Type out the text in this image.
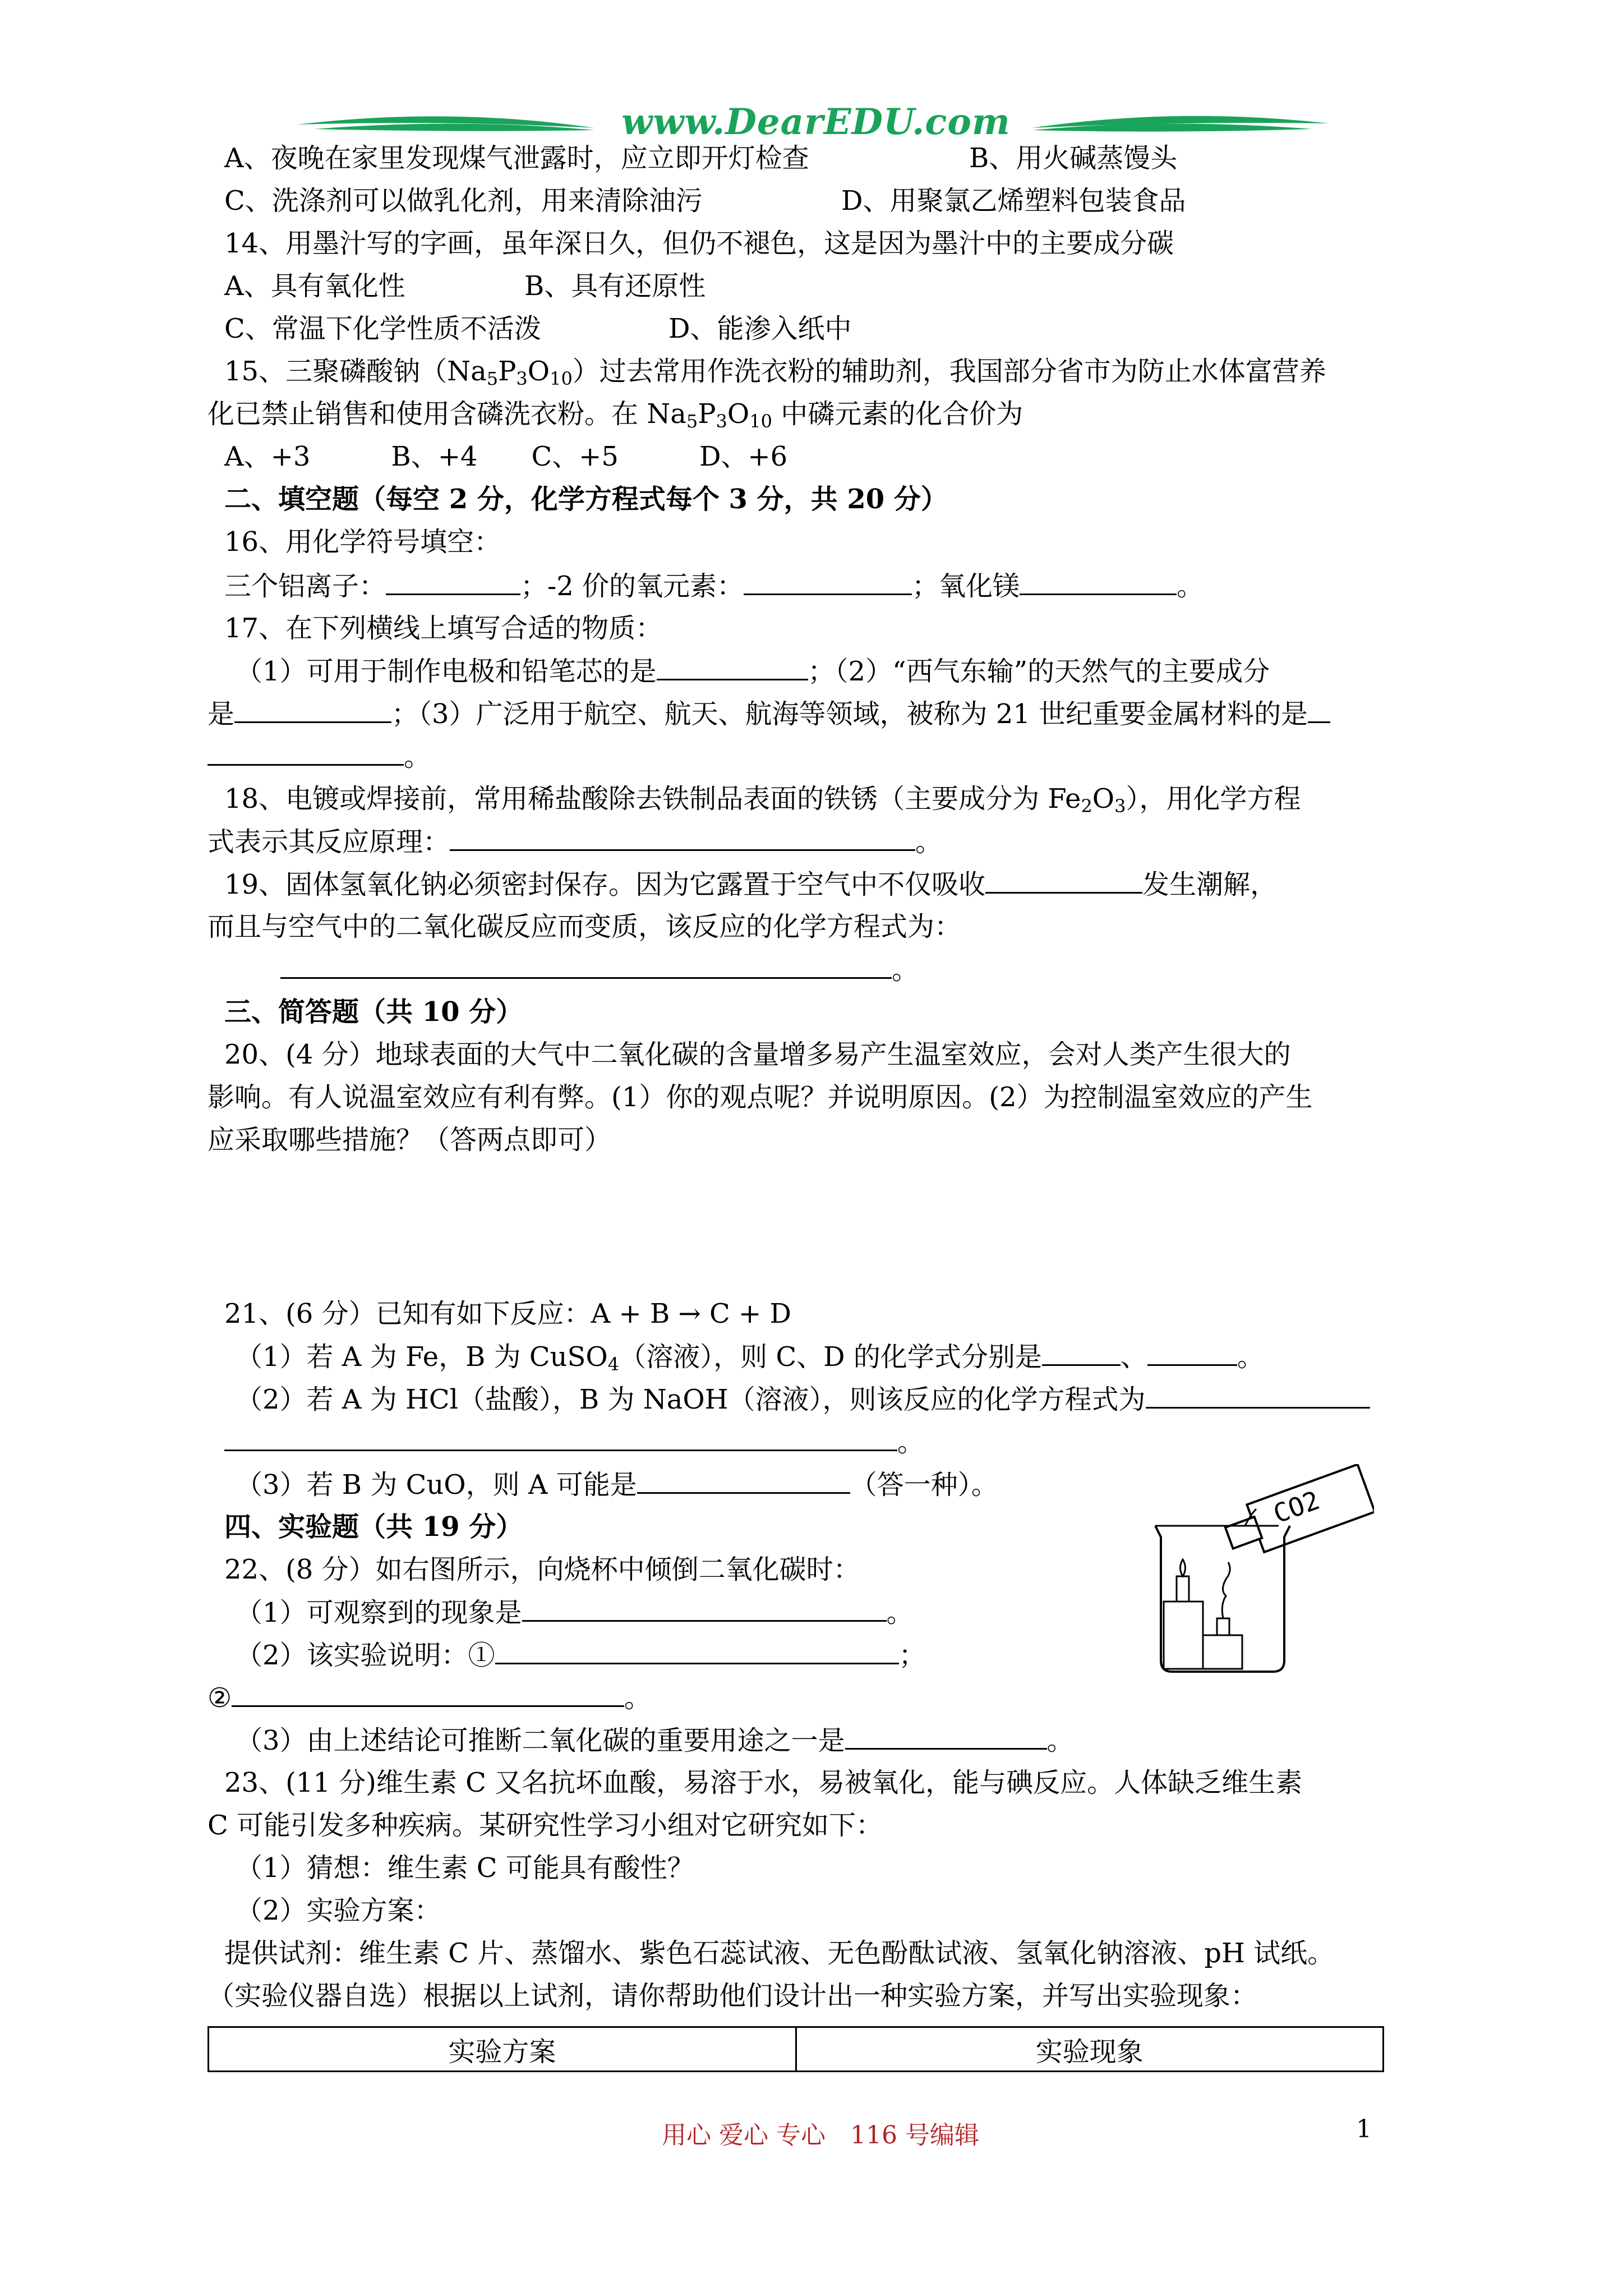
www.DearEDU.com
A、夜晚在家里发现煤气泄露时，应立即开灯检查	B、用火碱蒸馒头
C、洗涤剂可以做乳化剂，用来清除油污	D、用聚氯乙烯塑料包装食品
14、用墨汁写的字画，虽年深日久，但仍不褪色，这是因为墨汁中的主要成分碳
A、具有氧化性	B、具有还原性
C、常温下化学性质不活泼	D、能渗入纸中
15、三聚磷酸钠$(Na_5P_3O_{10})$过去常用作洗衣粉的辅助剂，我国部分省市为防止水体富营养
化已禁止销售和使用含磷洗衣粉。在 $Na_5P_3O_{10}$ 中磷元素的化合价为
A、+3　　　B、+4　　C、+5　　　D、+6
二、填空题（每空 2 分，化学方程式每个 3 分，共 20 分）
16、用化学符号填空：
三个铝离子：	；-2 价的氧元素：	；氧化镁	。
17、在下列横线上填写合适的物质：
（1）可用于制作电极和铅笔芯的是	；（2）“西气东输”的天然气的主要成分
是	；（3）广泛用于航空、航天、航海等领域，被称为 21 世纪重要金属材料的是
。
18、电镀或焊接前，常用稀盐酸除去铁制品表面的铁锈（主要成分为 $Fe_2O_3$），用化学方程
式表示其反应原理：	。
19、固体氢氧化钠必须密封保存。因为它露置于空气中不仅吸收	发生潮解，
而且与空气中的二氧化碳反应而变质，该反应的化学方程式为：
。
三、简答题（共 10 分）
20、(4 分）地球表面的大气中二氧化碳的含量增多易产生温室效应，会对人类产生很大的
影响。有人说温室效应有利有弊。(1）你的观点呢？并说明原因。(2）为控制温室效应的产生
应采取哪些措施？（答两点即可）
21、(6 分）已知有如下反应：A + B → C + D
（1）若 A 为 Fe，B 为 CuSO$_4$（溶液），则 C、D 的化学式分别是	、	。
（2）若 A 为 HCl（盐酸），B 为 NaOH（溶液），则该反应的化学方程式为
。
（3）若 B 为 CuO，则 A 可能是	（答一种）。
四、实验题（共 19 分）
22、(8 分）如右图所示，向烧杯中倾倒二氧化碳时：
（1）可观察到的现象是	。
（2）该实验说明：①	；
②	。
（3）由上述结论可推断二氧化碳的重要用途之一是	。
CO2
23、(11 分)维生素 C 又名抗坏血酸，易溶于水，易被氧化，能与碘反应。人体缺乏维生素
C 可能引发多种疾病。某研究性学习小组对它研究如下：
（1）猜想：维生素 C 可能具有酸性？
（2）实验方案：
提供试剂：维生素 C 片、蒸馏水、紫色石蕊试液、无色酚酞试液、氢氧化钠溶液、pH 试纸。
（实验仪器自选）根据以上试剂，请你帮助他们设计出一种实验方案，并写出实验现象：
实验方案	实验现象
用心 爱心 专心　116 号编辑	1
